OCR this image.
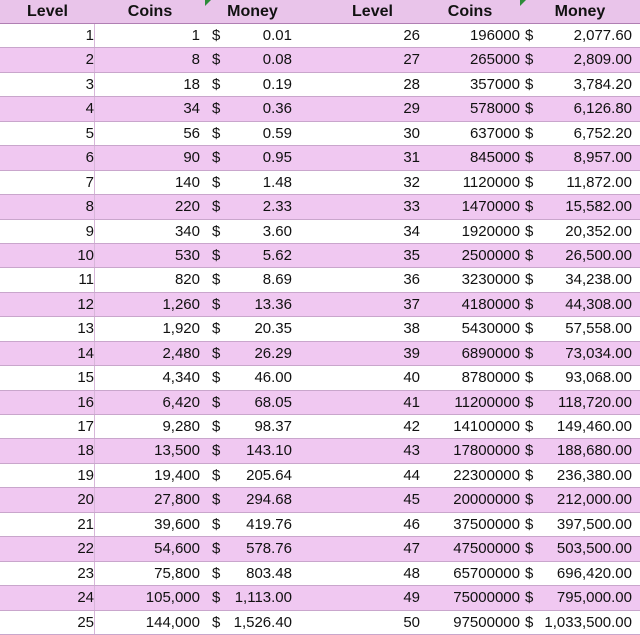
Level	Coins	Money	Level	Coins	Money
1	1 $	0.01	26	196000 $	2,077.60
2	8 $	0.08	27	265000 $	2,809.00
3	18 $	0.19	28	357000 $	3,784.20
4	34 $	0.36	29	578000 $	6,126.80
5	56 $	0.59	30	637000 $	6,752.20
6	90 $	0.95	31	845000 $	8,957.00
7	140 $	1.48	32	1120000 $	11,872.00
8	220 $	2.33	33	1470000 $	15,582.00
9	340 $	3.60	34	1920000 $	20,352.00
10	530 $	5.62	35	2500000 $	26,500.00
11	820 $	8.69	36	3230000 $	34,238.00
12	1,260 $	13.36	37	4180000 $	44,308.00
13	1,920 $	20.35	38	5430000 $	57,558.00
14	2,480 $	26.29	39	6890000 $	73,034.00
15	4,340 $	46.00	40	8780000 $	93,068.00
16	6,420 $	68.05	41	11200000 $	118,720.00
17	9,280 $	98.37	42	14100000 $	149,460.00
18	13,500 $	143.10	43	17800000 $	188,680.00
19	19,400 $	205.64	44	22300000 $	236,380.00
20	27,800 $	294.68	45	20000000 $	212,000.00
21	39,600 $	419.76	46	37500000 $	397,500.00
22	54,600 $	578.76	47	47500000 $	503,500.00
23	75,800 $	803.48	48	65700000 $	696,420.00
24	105,000 $ 1,113.00	49	75000000 $	795,000.00
25	144,000 $ 1,526.40	50	97500000 $ 1,033,500.00
